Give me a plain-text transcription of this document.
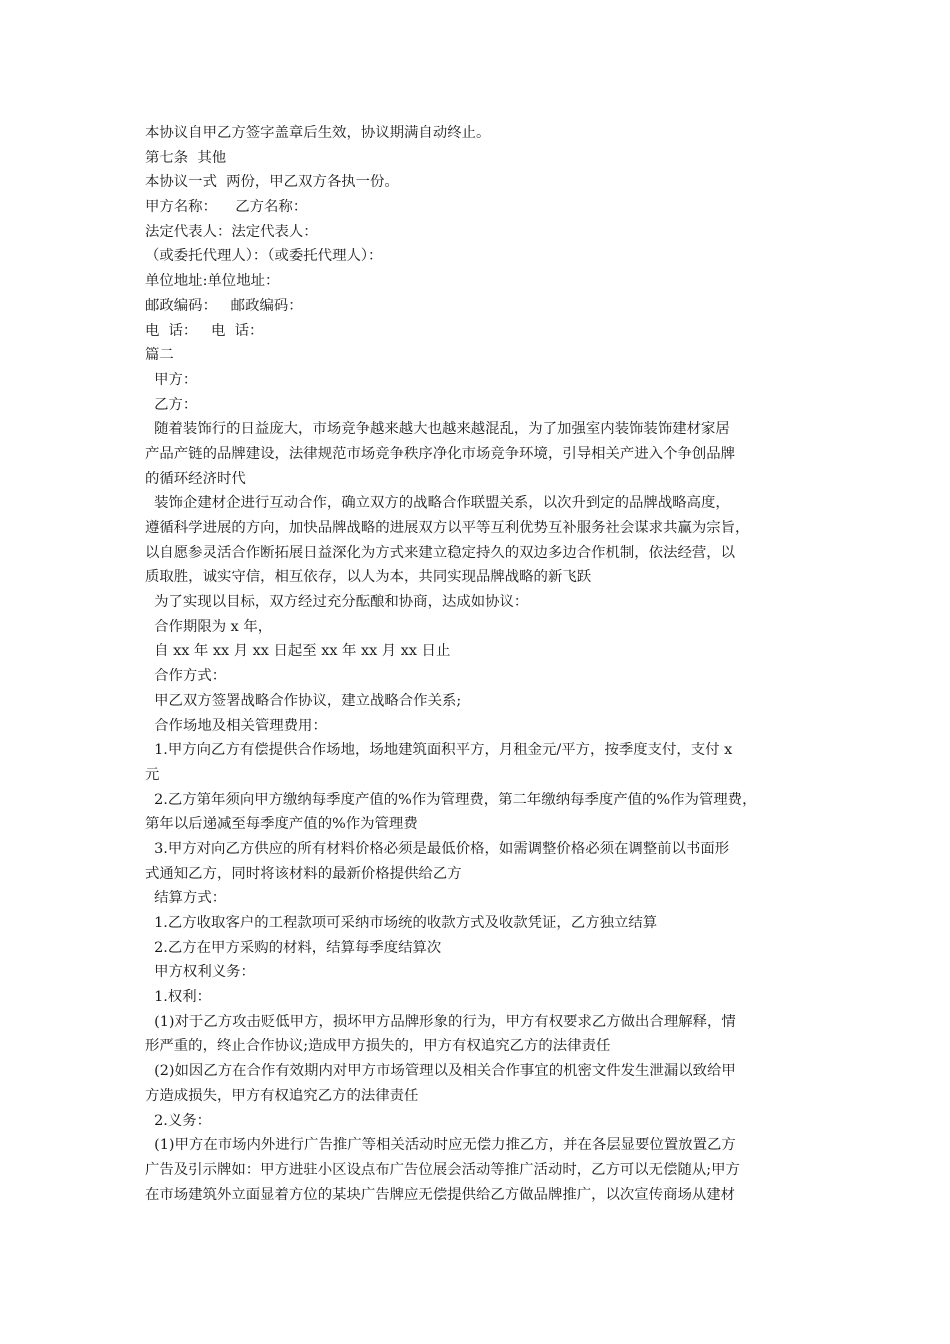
本协议自甲乙方签字盖章后生效，协议期满自动终止。

第七条  其他

本协议一式  两份，甲乙双方各执一份。

甲方名称：    乙方名称：

法定代表人：法定代表人：

（或委托代理人）：（或委托代理人）：

单位地址:单位地址：

邮政编码：   邮政编码：

电  话：   电  话：

篇二

甲方：

乙方：

随着装饰行的日益庞大，市场竞争越来越大也越来越混乱，为了加强室内装饰装饰建材家居

产品产链的品牌建设，法律规范市场竞争秩序净化市场竞争环境，引导相关产进入个争创品牌

的循环经济时代

装饰企建材企进行互动合作，确立双方的战略合作联盟关系，以次升到定的品牌战略高度，

遵循科学进展的方向，加快品牌战略的进展双方以平等互利优势互补服务社会谋求共赢为宗旨，

以自愿参灵活合作断拓展日益深化为方式来建立稳定持久的双边多边合作机制，依法经营，以

质取胜，诚实守信，相互依存，以人为本，共同实现品牌战略的新飞跃

为了实现以目标，双方经过充分酝酿和协商，达成如协议：

合作期限为 x 年，

自 xx 年 xx 月 xx 日起至 xx 年 xx 月 xx 日止

合作方式：

甲乙双方签署战略合作协议，建立战略合作关系;

合作场地及相关管理费用：

1.甲方向乙方有偿提供合作场地，场地建筑面积平方，月租金元/平方，按季度支付，支付 x

元

2.乙方第年须向甲方缴纳每季度产值的%作为管理费，第二年缴纳每季度产值的%作为管理费，

第年以后递减至每季度产值的%作为管理费

3.甲方对向乙方供应的所有材料价格必须是最低价格，如需调整价格必须在调整前以书面形

式通知乙方，同时将该材料的最新价格提供给乙方

结算方式：

1.乙方收取客户的工程款项可采纳市场统的收款方式及收款凭证，乙方独立结算

2.乙方在甲方采购的材料，结算每季度结算次

甲方权利义务：

1.权利：

(1)对于乙方攻击贬低甲方，损坏甲方品牌形象的行为，甲方有权要求乙方做出合理解释，情

形严重的，终止合作协议;造成甲方损失的，甲方有权追究乙方的法律责任

(2)如因乙方在合作有效期内对甲方市场管理以及相关合作事宜的机密文件发生泄漏以致给甲

方造成损失，甲方有权追究乙方的法律责任

2.义务：

(1)甲方在市场内外进行广告推广等相关活动时应无偿力推乙方，并在各层显要位置放置乙方

广告及引示牌如：甲方进驻小区设点布广告位展会活动等推广活动时，乙方可以无偿随从;甲方

在市场建筑外立面显着方位的某块广告牌应无偿提供给乙方做品牌推广，以次宣传商场从建材
